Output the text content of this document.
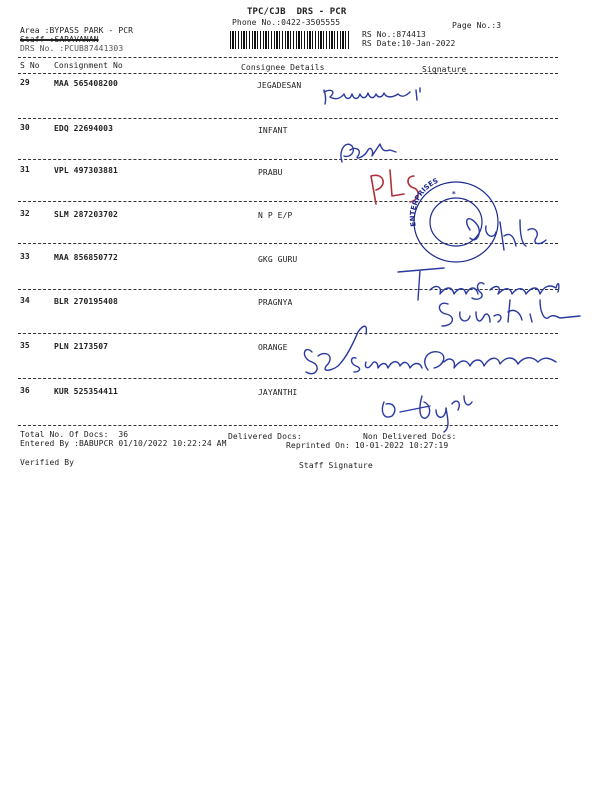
TPC/CJB  DRS - PCR
Phone No.:0422-3505555	Page No.:3
Area :BYPASS PARK - PCR
Staff :SARAVANAN
DRS No. :PCUB87441303
RS No.:874413
RS Date:10-Jan-2022
S No Consignment No	Consignee Details	Signature
29	MAA 565408200	JEGADESAN
30	EDQ 22694003	INFANT
31	VPL 497303881	PRABU
32	SLM 287203702	N P E/P
33	MAA 856850772	GKG GURU
34	BLR 270195408	PRAGNYA
35	PLN 2173507	ORANGE
36	KUR 525354411	JAYANTHI
Total No. Of Docs:  36	Delivered Docs:	Non Delivered Docs:
Entered By :BABUPCR 01/10/2022 10:22:24 AM	Reprinted On: 10-01-2022 10:27:19
Verified By	Staff Signature
ENTERPRISES
*
